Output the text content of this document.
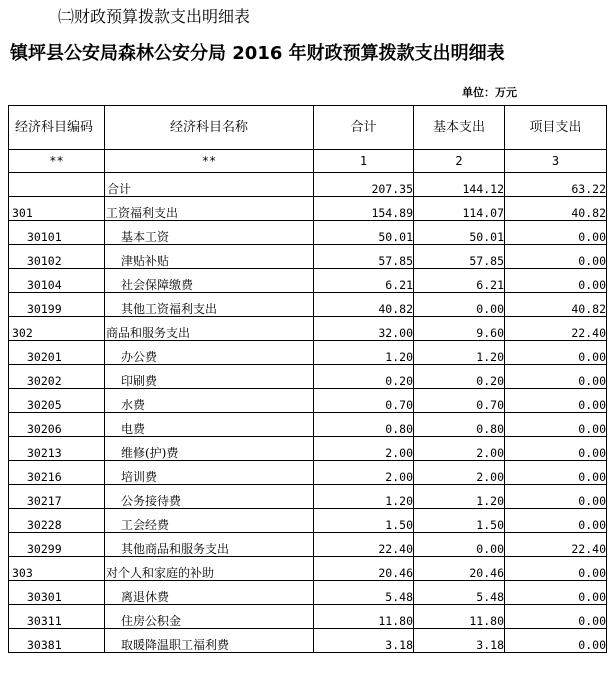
㈡财政预算拨款支出明细表
镇坪县公安局森林公安分局 2016 年财政预算拨款支出明细表
单位：万元
经济科目编码	经济科目名称	合计	基本支出	项目支出
**	**	1	2	3
	合计	207.35	144.12	63.22
301	工资福利支出	154.89	114.07	40.82
30101	基本工资	50.01	50.01	0.00
30102	津贴补贴	57.85	57.85	0.00
30104	社会保障缴费	6.21	6.21	0.00
30199	其他工资福利支出	40.82	0.00	40.82
302	商品和服务支出	32.00	9.60	22.40
30201	办公费	1.20	1.20	0.00
30202	印刷费	0.20	0.20	0.00
30205	水费	0.70	0.70	0.00
30206	电费	0.80	0.80	0.00
30213	维修(护)费	2.00	2.00	0.00
30216	培训费	2.00	2.00	0.00
30217	公务接待费	1.20	1.20	0.00
30228	工会经费	1.50	1.50	0.00
30299	其他商品和服务支出	22.40	0.00	22.40
303	对个人和家庭的补助	20.46	20.46	0.00
30301	离退休费	5.48	5.48	0.00
30311	住房公积金	11.80	11.80	0.00
30381	取暖降温职工福利费	3.18	3.18	0.00
